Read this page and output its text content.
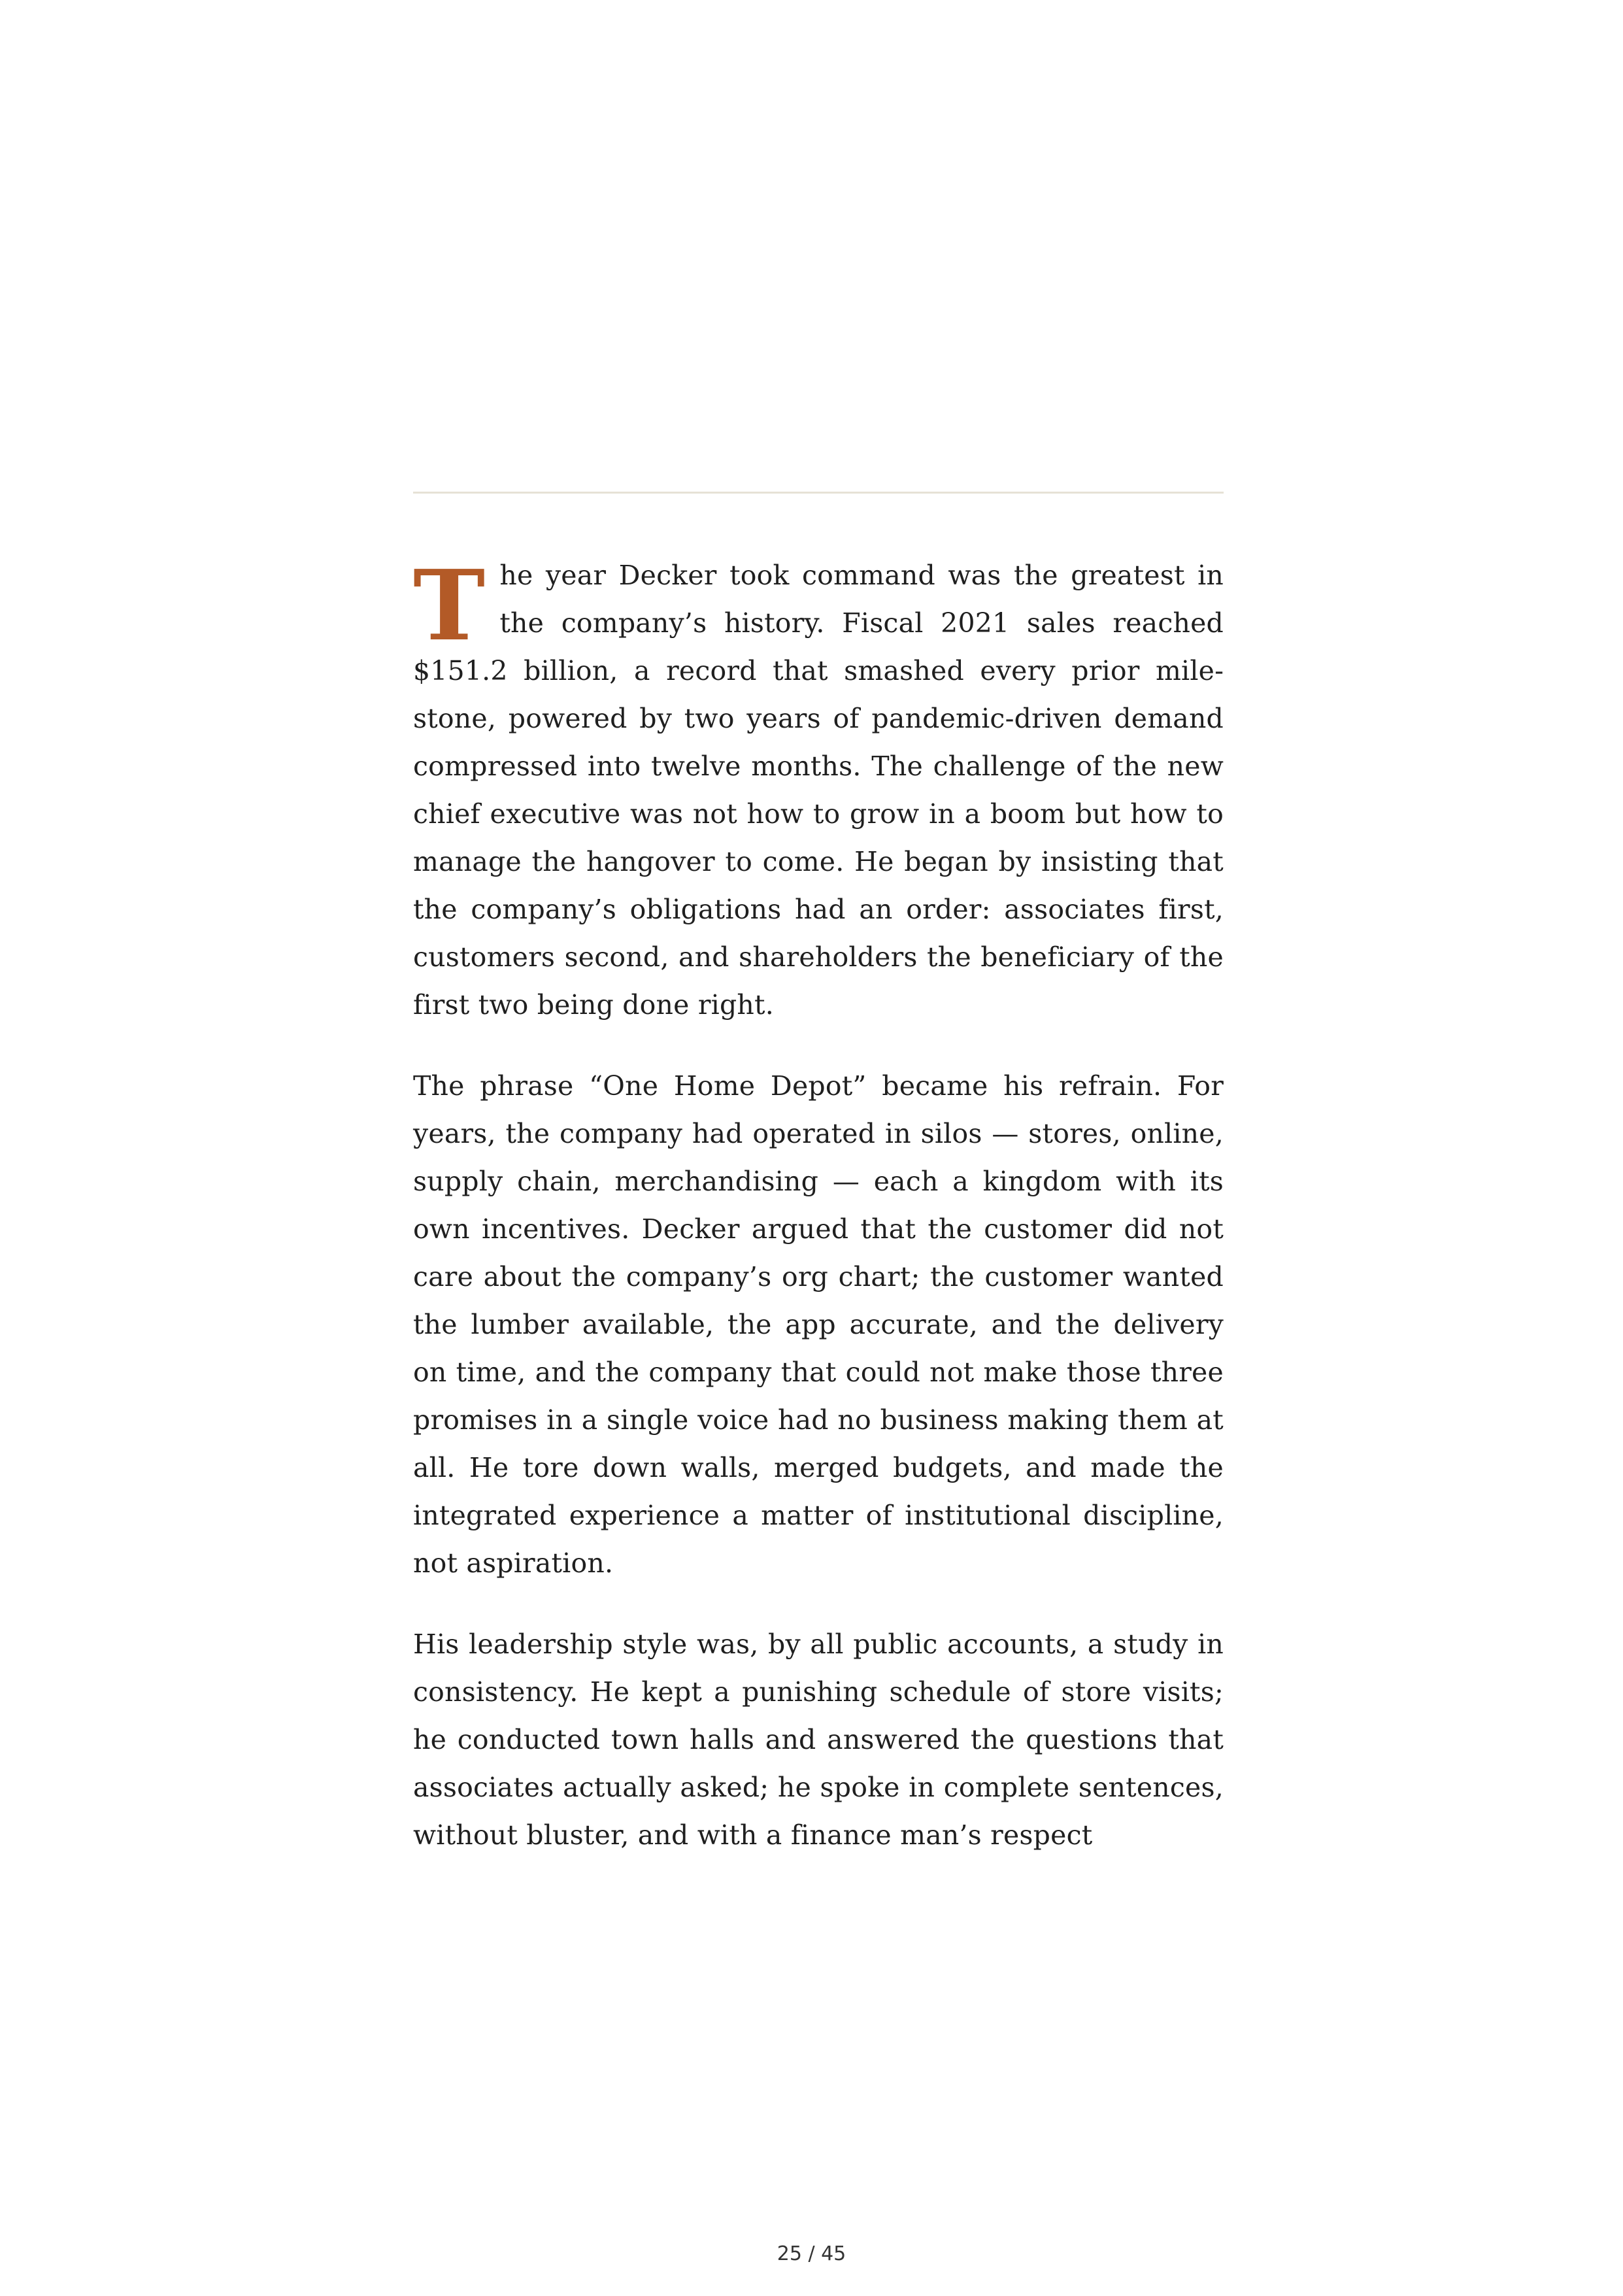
The year Decker took command was the greatest in the company’s history. Fiscal 2021 sales reached $151.2 billion, a record that smashed every prior milestone, powered by two years of pandemic-driven demand compressed into twelve months. The challenge of the new chief executive was not how to grow in a boom but how to manage the hangover to come. He began by insisting that the company’s obligations had an order: associates first, customers second, and shareholders the beneficiary of the first two being done right.

The phrase “One Home Depot” became his refrain. For years, the company had operated in silos — stores, online, supply chain, merchandising — each a kingdom with its own incentives. Decker argued that the customer did not care about the company’s org chart; the customer wanted the lumber available, the app accurate, and the delivery on time, and the company that could not make those three promises in a single voice had no business making them at all. He tore down walls, merged budgets, and made the integrated experience a matter of institutional discipline, not aspiration.

His leadership style was, by all public accounts, a study in consistency. He kept a punishing schedule of store visits; he conducted town halls and answered the questions that associates actually asked; he spoke in complete sentences, without bluster, and with a finance man’s respect

25 / 45
